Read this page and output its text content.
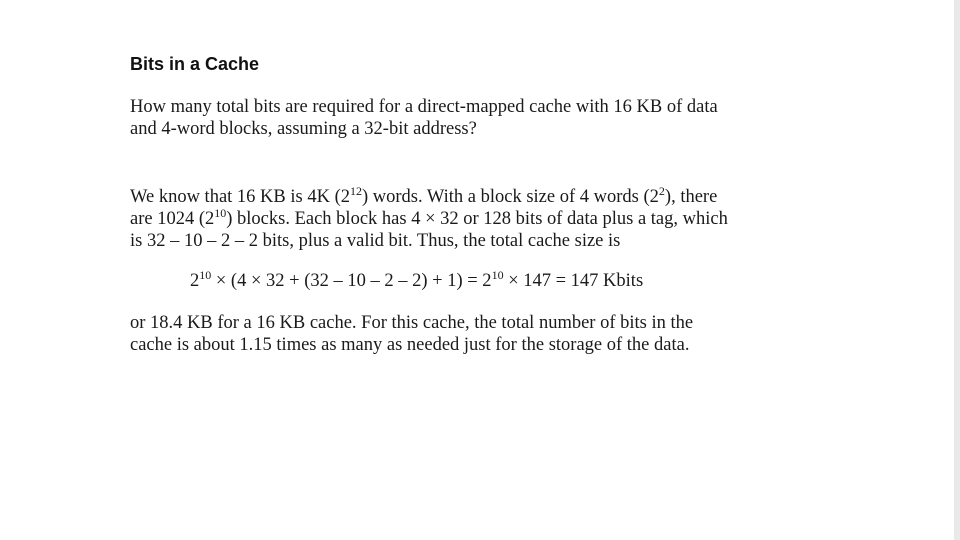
Bits in a Cache
How many total bits are required for a direct-mapped cache with 16 KB of data
and 4-word blocks, assuming a 32-bit address?
We know that 16 KB is 4K $(2^{12})$ words. With a block size of 4 words $(2^2)$, there
are 1024 $(2^{10})$ blocks. Each block has 4 × 32 or 128 bits of data plus a tag, which
is 32 – 10 – 2 – 2 bits, plus a valid bit. Thus, the total cache size is
$2^{10} \times (4 \times 32 + (32 - 10 - 2 - 2) + 1) = 2^{10} \times 147 = 147$ Kbits
or 18.4 KB for a 16 KB cache. For this cache, the total number of bits in the
cache is about 1.15 times as many as needed just for the storage of the data.
